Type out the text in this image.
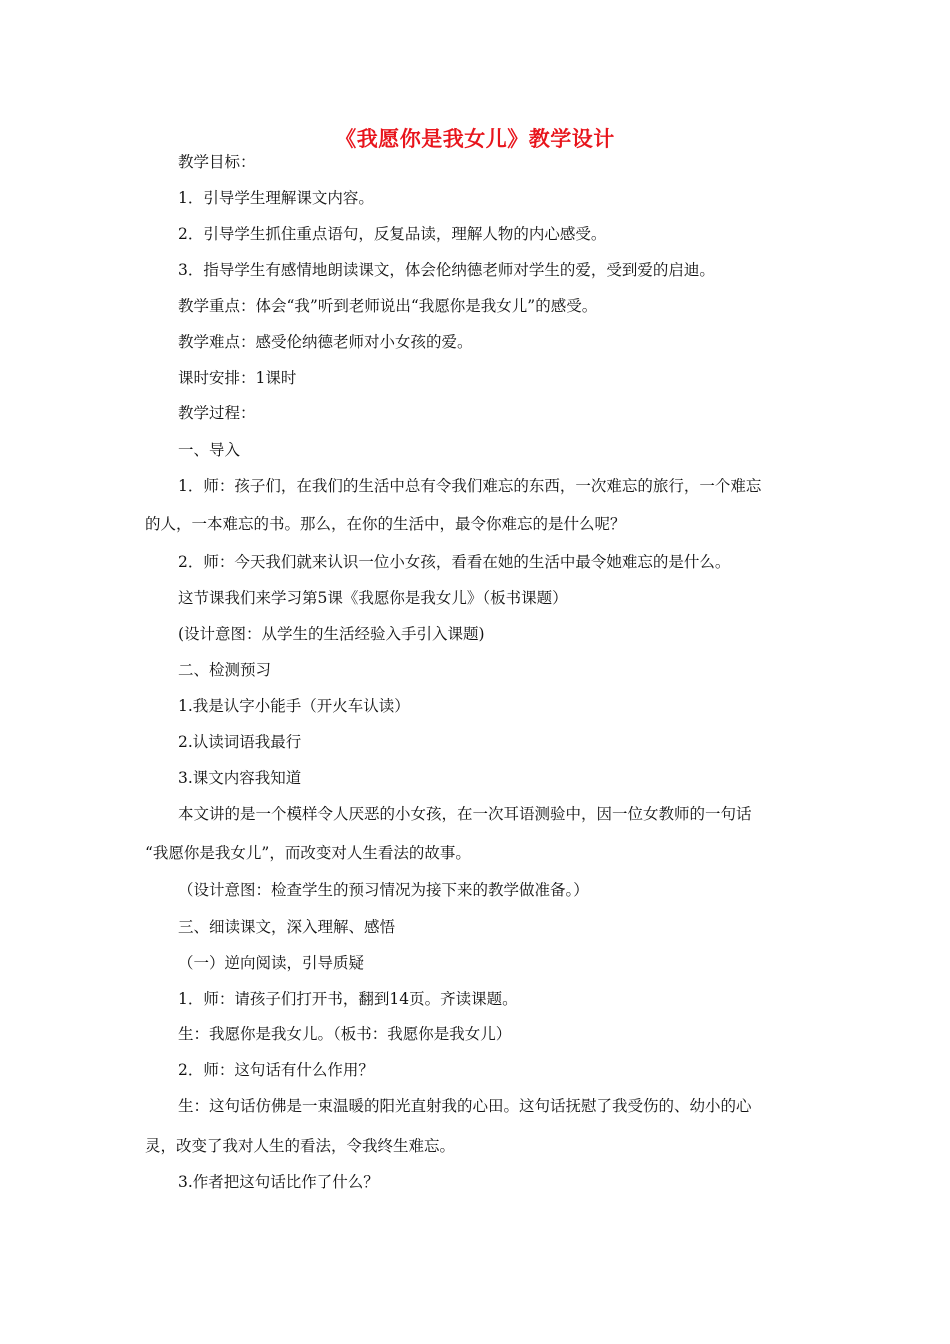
《我愿你是我女儿》教学设计
教学目标：
1．引导学生理解课文内容。
2．引导学生抓住重点语句，反复品读，理解人物的内心感受。
3．指导学生有感情地朗读课文，体会伦纳德老师对学生的爱，受到爱的启迪。
教学重点：体会“我”听到老师说出“我愿你是我女儿”的感受。
教学难点：感受伦纳德老师对小女孩的爱。
课时安排：1课时
教学过程：
一、导入
1．师：孩子们，在我们的生活中总有令我们难忘的东西，一次难忘的旅行，一个难忘
的人，一本难忘的书。那么，在你的生活中，最令你难忘的是什么呢？
2．师：今天我们就来认识一位小女孩，看看在她的生活中最令她难忘的是什么。
这节课我们来学习第5课《我愿你是我女儿》（板书课题）
(设计意图：从学生的生活经验入手引入课题)
二、检测预习
1.我是认字小能手（开火车认读）
2.认读词语我最行
3.课文内容我知道
本文讲的是一个模样令人厌恶的小女孩，在一次耳语测验中，因一位女教师的一句话
“我愿你是我女儿”，而改变对人生看法的故事。
（设计意图：检查学生的预习情况为接下来的教学做准备。）
三、细读课文，深入理解、感悟
（一）逆向阅读，引导质疑
1．师：请孩子们打开书，翻到14页。齐读课题。
生：我愿你是我女儿。（板书：我愿你是我女儿）
2．师：这句话有什么作用？
生：这句话仿佛是一束温暖的阳光直射我的心田。这句话抚慰了我受伤的、幼小的心
灵，改变了我对人生的看法，令我终生难忘。
3.作者把这句话比作了什么？
